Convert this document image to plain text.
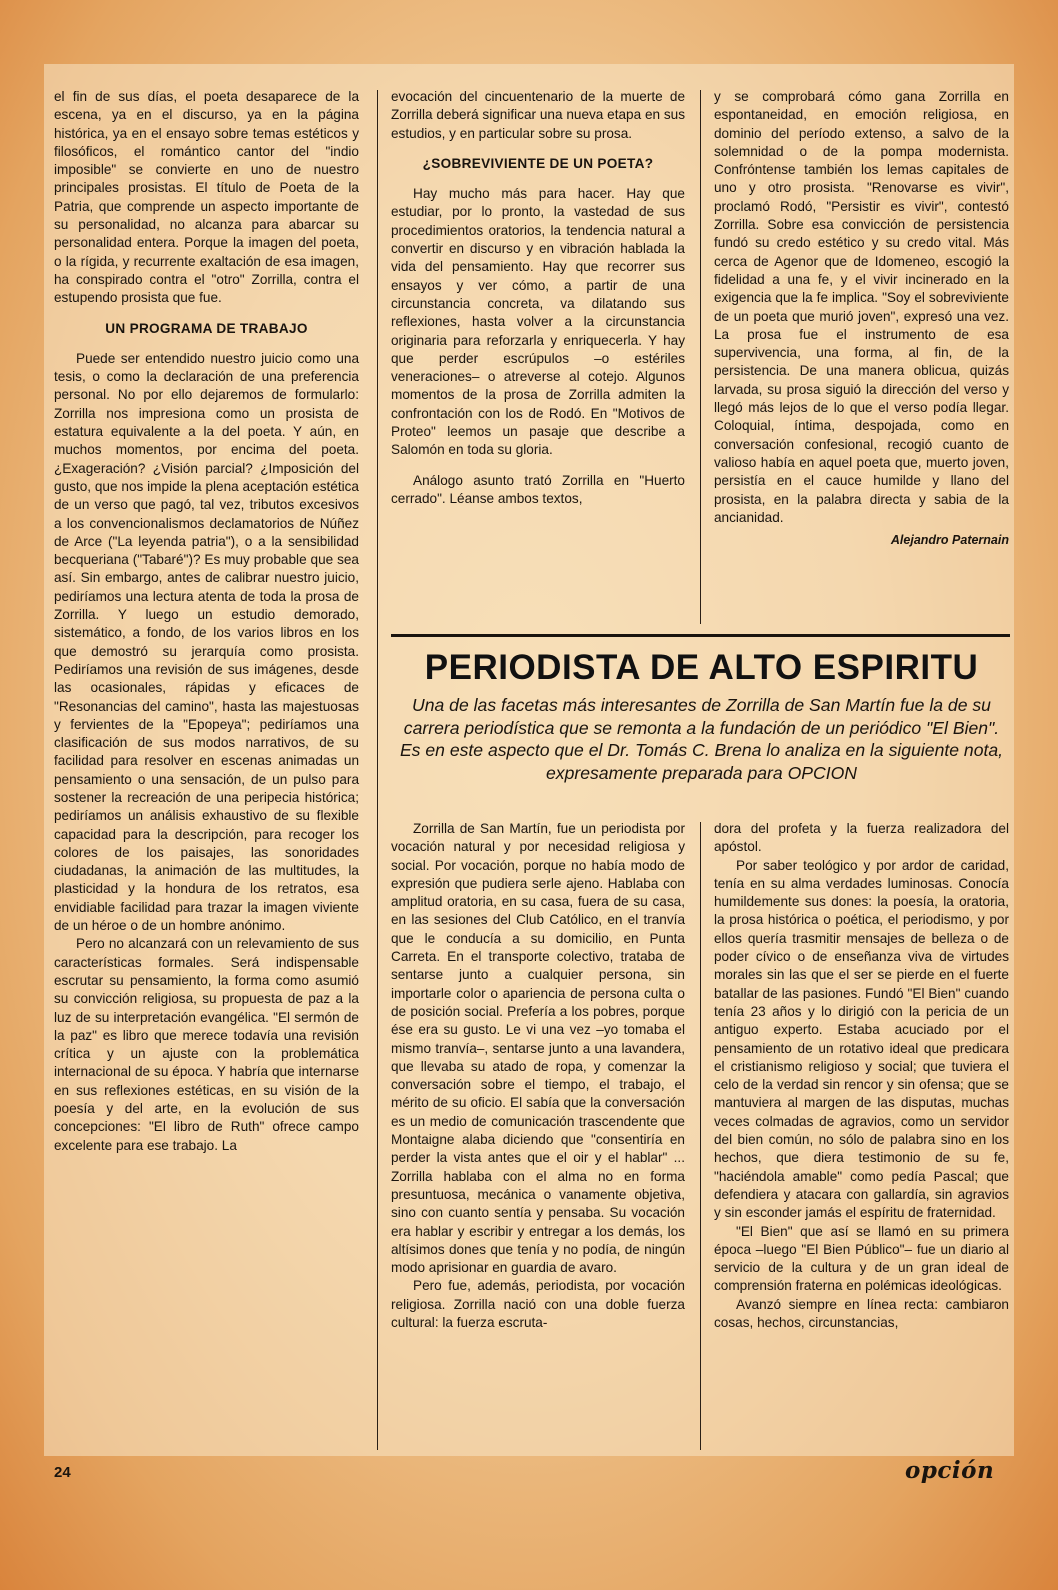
el fin de sus días, el poeta desaparece de la escena, ya en el discurso, ya en la página histórica, ya en el ensayo sobre temas estéticos y filosóficos, el romántico cantor del "indio imposible" se convierte en uno de nuestro principales prosistas. El título de Poeta de la Patria, que comprende un aspecto importante de su personalidad, no alcanza para abarcar su personalidad entera. Porque la imagen del poeta, o la rígida, y recurrente exaltación de esa imagen, ha conspirado contra el "otro" Zorrilla, contra el estupendo prosista que fue.

UN PROGRAMA DE TRABAJO

Puede ser entendido nuestro juicio como una tesis, o como la declaración de una preferencia personal. No por ello dejaremos de formularlo: Zorrilla nos impresiona como un prosista de estatura equivalente a la del poeta. Y aún, en muchos momentos, por encima del poeta. ¿Exageración? ¿Visión parcial? ¿Imposición del gusto, que nos impide la plena aceptación estética de un verso que pagó, tal vez, tributos excesivos a los convencionalismos declamatorios de Núñez de Arce ("La leyenda patria"), o a la sensibilidad becqueriana ("Tabaré")? Es muy probable que sea así. Sin embargo, antes de calibrar nuestro juicio, pediríamos una lectura atenta de toda la prosa de Zorrilla. Y luego un estudio demorado, sistemático, a fondo, de los varios libros en los que demostró su jerarquía como prosista. Pediríamos una revisión de sus imágenes, desde las ocasionales, rápidas y eficaces de "Resonancias del camino", hasta las majestuosas y fervientes de la "Epopeya"; pediríamos una clasificación de sus modos narrativos, de su facilidad para resolver en escenas animadas un pensamiento o una sensación, de un pulso para sostener la recreación de una peripecia histórica; pediríamos un análisis exhaustivo de su flexible capacidad para la descripción, para recoger los colores de los paisajes, las sonoridades ciudadanas, la animación de las multitudes, la plasticidad y la hondura de los retratos, esa envidiable facilidad para trazar la imagen viviente de un héroe o de un hombre anónimo.

Pero no alcanzará con un relevamiento de sus características formales. Será indispensable escrutar su pensamiento, la forma como asumió su convicción religiosa, su propuesta de paz a la luz de su interpretación evangélica. "El sermón de la paz" es libro que merece todavía una revisión crítica y un ajuste con la problemática internacional de su época. Y habría que internarse en sus reflexiones estéticas, en su visión de la poesía y del arte, en la evolución de sus concepciones: "El libro de Ruth" ofrece campo excelente para ese trabajo. La

evocación del cincuentenario de la muerte de Zorrilla deberá significar una nueva etapa en sus estudios, y en particular sobre su prosa.

¿SOBREVIVIENTE DE UN POETA?

Hay mucho más para hacer. Hay que estudiar, por lo pronto, la vastedad de sus procedimientos oratorios, la tendencia natural a convertir en discurso y en vibración hablada la vida del pensamiento. Hay que recorrer sus ensayos y ver cómo, a partir de una circunstancia concreta, va dilatando sus reflexiones, hasta volver a la circunstancia originaria para reforzarla y enriquecerla. Y hay que perder escrúpulos –o estériles veneraciones– o atreverse al cotejo. Algunos momentos de la prosa de Zorrilla admiten la confrontación con los de Rodó. En "Motivos de Proteo" leemos un pasaje que describe a Salomón en toda su gloria.

Análogo asunto trató Zorrilla en "Huerto cerrado". Léanse ambos textos,

y se comprobará cómo gana Zorrilla en espontaneidad, en emoción religiosa, en dominio del período extenso, a salvo de la solemnidad o de la pompa modernista. Confróntense también los lemas capitales de uno y otro prosista. "Renovarse es vivir", proclamó Rodó, "Persistir es vivir", contestó Zorrilla. Sobre esa convicción de persistencia fundó su credo estético y su credo vital. Más cerca de Agenor que de Idomeneo, escogió la fidelidad a una fe, y el vivir incinerado en la exigencia que la fe implica. "Soy el sobreviviente de un poeta que murió joven", expresó una vez. La prosa fue el instrumento de esa supervivencia, una forma, al fin, de la persistencia. De una manera oblicua, quizás larvada, su prosa siguió la dirección del verso y llegó más lejos de lo que el verso podía llegar. Coloquial, íntima, despojada, como en conversación confesional, recogió cuanto de valioso había en aquel poeta que, muerto joven, persistía en el cauce humilde y llano del prosista, en la palabra directa y sabia de la ancianidad.

Alejandro Paternain
PERIODISTA DE ALTO ESPIRITU
Una de las facetas más interesantes de Zorrilla de San Martín fue la de su carrera periodística que se remonta a la fundación de un periódico "El Bien". Es en este aspecto que el Dr. Tomás C. Brena lo analiza en la siguiente nota, expresamente preparada para OPCION

Zorrilla de San Martín, fue un periodista por vocación natural y por necesidad religiosa y social. Por vocación, porque no había modo de expresión que pudiera serle ajeno. Hablaba con amplitud oratoria, en su casa, fuera de su casa, en las sesiones del Club Católico, en el tranvía que le conducía a su domicilio, en Punta Carreta. En el transporte colectivo, trataba de sentarse junto a cualquier persona, sin importarle color o apariencia de persona culta o de posición social. Prefería a los pobres, porque ése era su gusto. Le vi una vez –yo tomaba el mismo tranvía–, sentarse junto a una lavandera, que llevaba su atado de ropa, y comenzar la conversación sobre el tiempo, el trabajo, el mérito de su oficio. El sabía que la conversación es un medio de comunicación trascendente que Montaigne alaba diciendo que "consentiría en perder la vista antes que el oir y el hablar" ... Zorrilla hablaba con el alma no en forma presuntuosa, mecánica o vanamente objetiva, sino con cuanto sentía y pensaba. Su vocación era hablar y escribir y entregar a los demás, los altísimos dones que tenía y no podía, de ningún modo aprisionar en guardia de avaro.

Pero fue, además, periodista, por vocación religiosa. Zorrilla nació con una doble fuerza cultural: la fuerza escruta-

dora del profeta y la fuerza realizadora del apóstol.

Por saber teológico y por ardor de caridad, tenía en su alma verdades luminosas. Conocía humildemente sus dones: la poesía, la oratoria, la prosa histórica o poética, el periodismo, y por ellos quería trasmitir mensajes de belleza o de poder cívico o de enseñanza viva de virtudes morales sin las que el ser se pierde en el fuerte batallar de las pasiones. Fundó "El Bien" cuando tenía 23 años y lo dirigió con la pericia de un antiguo experto. Estaba acuciado por el pensamiento de un rotativo ideal que predicara el cristianismo religioso y social; que tuviera el celo de la verdad sin rencor y sin ofensa; que se mantuviera al margen de las disputas, muchas veces colmadas de agravios, como un servidor del bien común, no sólo de palabra sino en los hechos, que diera testimonio de su fe, "haciéndola amable" como pedía Pascal; que defendiera y atacara con gallardía, sin agravios y sin esconder jamás el espíritu de fraternidad.

"El Bien" que así se llamó en su primera época –luego "El Bien Público"– fue un diario al servicio de la cultura y de un gran ideal de comprensión fraterna en polémicas ideológicas.

Avanzó siempre en línea recta: cambiaron cosas, hechos, circunstancias,

24	opción
